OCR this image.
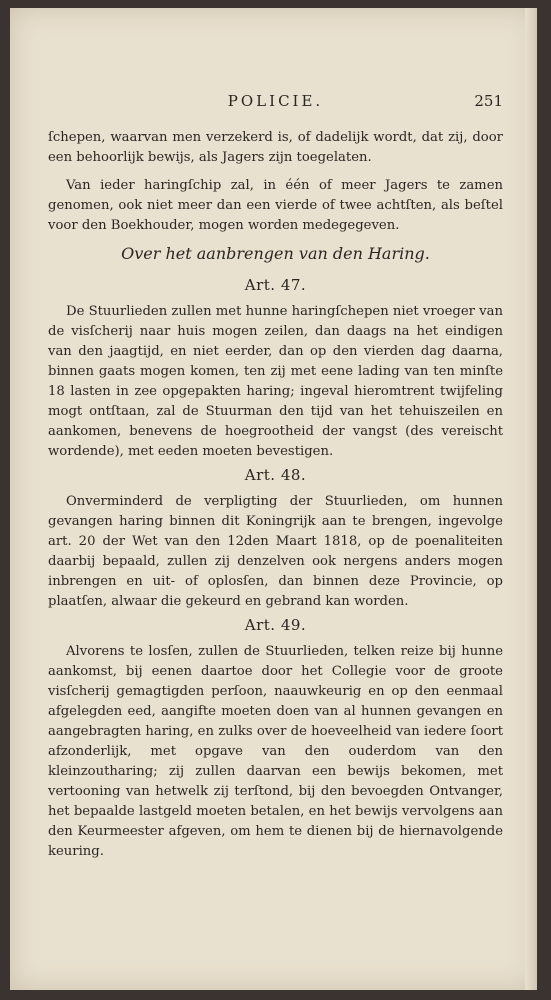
POLICIE.	251

ſchepen, waarvan men verzekerd is, of dadelijk wordt, dat zij, door een behoorlijk bewijs, als Jagers zijn toegelaten.

Van ieder haringſchip zal, in één of meer Jagers te zamen genomen, ook niet meer dan een vierde of twee achtſten, als beſtel voor den Boekhouder, mogen worden medegegeven.

Over het aanbrengen van den Haring.

Art. 47.

De Stuurlieden zullen met hunne haringſchepen niet vroeger van de visſcherij naar huis mogen zeilen, dan daags na het eindigen van den jaagtijd, en niet eerder, dan op den vierden dag daarna, binnen gaats mogen komen, ten zij met eene lading van ten minſte 18 lasten in zee opgepakten haring; ingeval hieromtrent twijfeling mogt ontſtaan, zal de Stuurman den tijd van het tehuiszeilen en aankomen, benevens de hoegrootheid der vangst (des vereischt wordende), met eeden moeten bevestigen.

Art. 48.

Onverminderd de verpligting der Stuurlieden, om hunnen gevangen haring binnen dit Koningrijk aan te brengen, ingevolge art. 20 der Wet van den 12den Maart 1818, op de poenaliteiten daarbij bepaald, zullen zij denzelven ook nergens anders mogen inbrengen en uit- of oplosſen, dan binnen deze Provincie, op plaatſen, alwaar die gekeurd en gebrand kan worden.

Art. 49.

Alvorens te losſen, zullen de Stuurlieden, telken reize bij hunne aankomst, bij eenen daartoe door het Collegie voor de groote visſcherij gemagtigden perſoon, naauwkeurig en op den eenmaal afgelegden eed, aangifte moeten doen van al hunnen gevangen en aangebragten haring, en zulks over de hoeveelheid van iedere ſoort afzonderlijk, met opgave van den ouderdom van den kleinzoutharing; zij zullen daarvan een bewijs bekomen, met vertooning van hetwelk zij terſtond, bij den bevoegden Ontvanger, het bepaalde lastgeld moeten betalen, en het bewijs vervolgens aan den Keurmeester afgeven, om hem te dienen bij de hiernavolgende keuring.
